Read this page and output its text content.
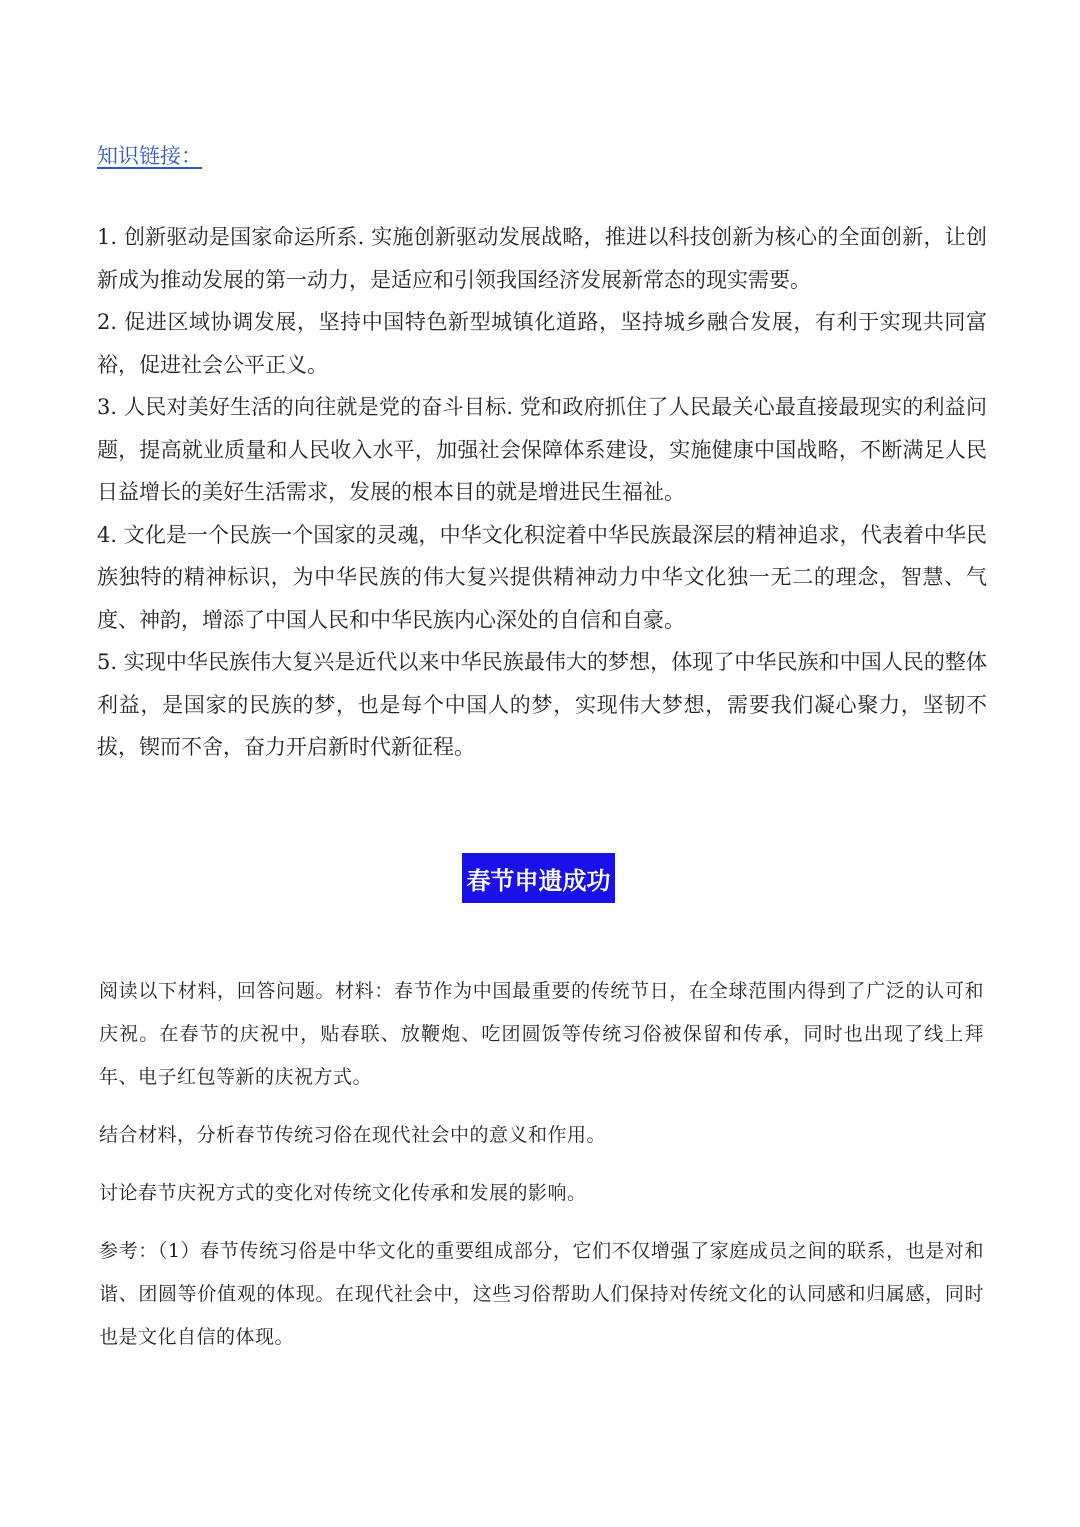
知识链接：

1. 创新驱动是国家命运所系. 实施创新驱动发展战略，推进以科技创新为核心的全面创新，让创新成为推动发展的第一动力，是适应和引领我国经济发展新常态的现实需要。

2. 促进区域协调发展，坚持中国特色新型城镇化道路，坚持城乡融合发展，有利于实现共同富裕，促进社会公平正义。

3. 人民对美好生活的向往就是党的奋斗目标. 党和政府抓住了人民最关心最直接最现实的利益问题，提高就业质量和人民收入水平，加强社会保障体系建设，实施健康中国战略，不断满足人民日益增长的美好生活需求，发展的根本目的就是增进民生福祉。

4. 文化是一个民族一个国家的灵魂，中华文化积淀着中华民族最深层的精神追求，代表着中华民族独特的精神标识，为中华民族的伟大复兴提供精神动力中华文化独一无二的理念，智慧、气度、神韵，增添了中国人民和中华民族内心深处的自信和自豪。

5. 实现中华民族伟大复兴是近代以来中华民族最伟大的梦想，体现了中华民族和中国人民的整体利益，是国家的民族的梦，也是每个中国人的梦，实现伟大梦想，需要我们凝心聚力，坚韧不拔，锲而不舍，奋力开启新时代新征程。

春节申遗成功

阅读以下材料，回答问题。材料：春节作为中国最重要的传统节日，在全球范围内得到了广泛的认可和庆祝。在春节的庆祝中，贴春联、放鞭炮、吃团圆饭等传统习俗被保留和传承，同时也出现了线上拜年、电子红包等新的庆祝方式。

结合材料，分析春节传统习俗在现代社会中的意义和作用。

讨论春节庆祝方式的变化对传统文化传承和发展的影响。

参考：（1）春节传统习俗是中华文化的重要组成部分，它们不仅增强了家庭成员之间的联系，也是对和谐、团圆等价值观的体现。在现代社会中，这些习俗帮助人们保持对传统文化的认同感和归属感，同时也是文化自信的体现。
